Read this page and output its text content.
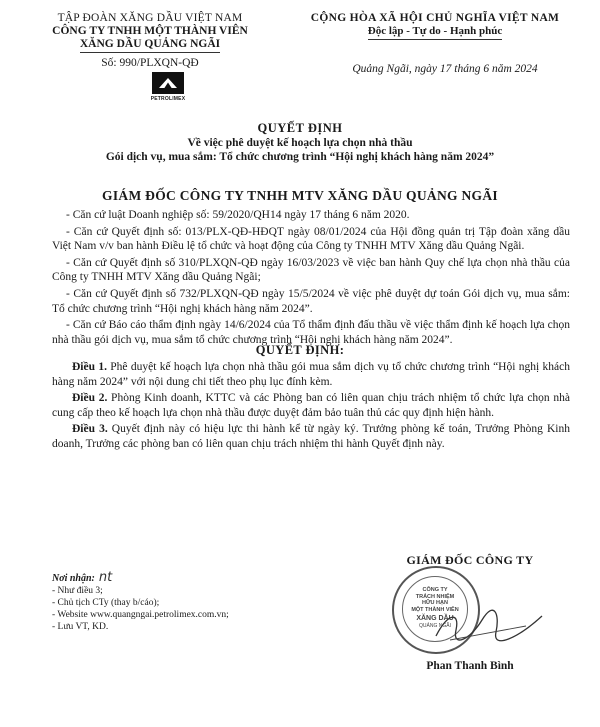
TẬP ĐOÀN XĂNG DẦU VIỆT NAM
CÔNG TY TNHH MỘT THÀNH VIÊN
XĂNG DẦU QUẢNG NGÃI
Số: 990/PLXQN-QĐ
PETROLIMEX
CỘNG HÒA XÃ HỘI CHỦ NGHĨA VIỆT NAM
Độc lập - Tự do - Hạnh phúc
Quảng Ngãi, ngày 17 tháng 6 năm 2024
QUYẾT ĐỊNH
Về việc phê duyệt kế hoạch lựa chọn nhà thầu
Gói dịch vụ, mua sắm: Tổ chức chương trình “Hội nghị khách hàng năm 2024”
GIÁM ĐỐC CÔNG TY TNHH MTV XĂNG DẦU QUẢNG NGÃI

- Căn cứ luật Doanh nghiệp số: 59/2020/QH14 ngày 17 tháng 6 năm 2020.

- Căn cứ Quyết định số: 013/PLX-QĐ-HĐQT ngày 08/01/2024 của Hội đồng quản trị Tập đoàn xăng dầu Việt Nam v/v ban hành Điều lệ tổ chức và hoạt động của Công ty TNHH MTV Xăng dầu Quảng Ngãi.

- Căn cứ Quyết định số 310/PLXQN-QĐ ngày 16/03/2023 về việc ban hành Quy chế lựa chọn nhà thầu của Công ty TNHH MTV Xăng dầu Quảng Ngãi;

- Căn cứ Quyết định số 732/PLXQN-QĐ ngày 15/5/2024 về việc phê duyệt dự toán Gói dịch vụ, mua sắm: Tổ chức chương trình “Hội nghị khách hàng năm 2024”.

- Căn cứ Báo cáo thẩm định ngày 14/6/2024 của Tổ thẩm định đấu thầu về việc thẩm định kế hoạch lựa chọn nhà thầu gói dịch vụ, mua sắm tổ chức chương trình “Hội nghị khách hàng năm 2024”.

QUYẾT ĐỊNH:

Điều 1. Phê duyệt kế hoạch lựa chọn nhà thầu gói mua sắm dịch vụ tổ chức chương trình “Hội nghị khách hàng năm 2024” với nội dung chi tiết theo phụ lục đính kèm.

Điều 2. Phòng Kinh doanh, KTTC và các Phòng ban có liên quan chịu trách nhiệm tổ chức lựa chọn nhà cung cấp theo kế hoạch lựa chọn nhà thầu được duyệt đảm bảo tuân thủ các quy định hiện hành.

Điều 3. Quyết định này có hiệu lực thi hành kể từ ngày ký. Trưởng phòng kế toán, Trưởng Phòng Kinh doanh, Trưởng các phòng ban có liên quan chịu trách nhiệm thi hành Quyết định này.

Nơi nhận: nt
- Như điều 3;
- Chủ tịch CTy (thay b/cáo);
- Website www.quangngai.petrolimex.com.vn;
- Lưu VT, KD.
GIÁM ĐỐC CÔNG TY
CÔNG TY
TRÁCH NHIỆM
HỮU HẠN
MỘT THÀNH VIÊN
XĂNG DẦU
QUẢNG NGÃI
Phan Thanh Bình
